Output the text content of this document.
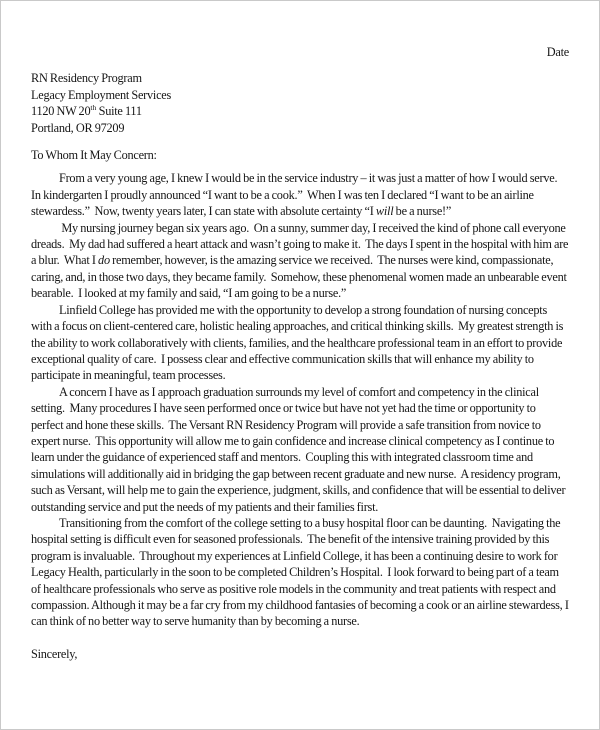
Date
RN Residency Program
Legacy Employment Services
1120 NW 20th Suite 111
Portland, OR 97209
To Whom It May Concern:

From a very young age, I knew I would be in the service industry – it was just a matter of how I would serve.  In kindergarten I proudly announced “I want to be a cook.”  When I was ten I declared “I want to be an airline stewardess.”  Now, twenty years later, I can state with absolute certainty “I will be a nurse!”

My nursing journey began six years ago.  On a sunny, summer day, I received the kind of phone call everyone dreads.  My dad had suffered a heart attack and wasn’t going to make it.  The days I spent in the hospital with him are a blur.  What I do remember, however, is the amazing service we received.  The nurses were kind, compassionate, caring, and, in those two days, they became family.  Somehow, these phenomenal women made an unbearable event bearable.  I looked at my family and said, “I am going to be a nurse.”

Linfield College has provided me with the opportunity to develop a strong foundation of nursing concepts with a focus on client-centered care, holistic healing approaches, and critical thinking skills.  My greatest strength is the ability to work collaboratively with clients, families, and the healthcare professional team in an effort to provide exceptional quality of care.  I possess clear and effective communication skills that will enhance my ability to participate in meaningful, team processes.

A concern I have as I approach graduation surrounds my level of comfort and competency in the clinical setting.  Many procedures I have seen performed once or twice but have not yet had the time or opportunity to perfect and hone these skills.  The Versant RN Residency Program will provide a safe transition from novice to expert nurse.  This opportunity will allow me to gain confidence and increase clinical competency as I continue to learn under the guidance of experienced staff and mentors.  Coupling this with integrated classroom time and simulations will additionally aid in bridging the gap between recent graduate and new nurse.  A residency program, such as Versant, will help me to gain the experience, judgment, skills, and confidence that will be essential to deliver outstanding service and put the needs of my patients and their families first.

Transitioning from the comfort of the college setting to a busy hospital floor can be daunting.  Navigating the hospital setting is difficult even for seasoned professionals.  The benefit of the intensive training provided by this program is invaluable.  Throughout my experiences at Linfield College, it has been a continuing desire to work for Legacy Health, particularly in the soon to be completed Children’s Hospital.  I look forward to being part of a team of healthcare professionals who serve as positive role models in the community and treat patients with respect and compassion. Although it may be a far cry from my childhood fantasies of becoming a cook or an airline stewardess, I can think of no better way to serve humanity than by becoming a nurse.

Sincerely,
